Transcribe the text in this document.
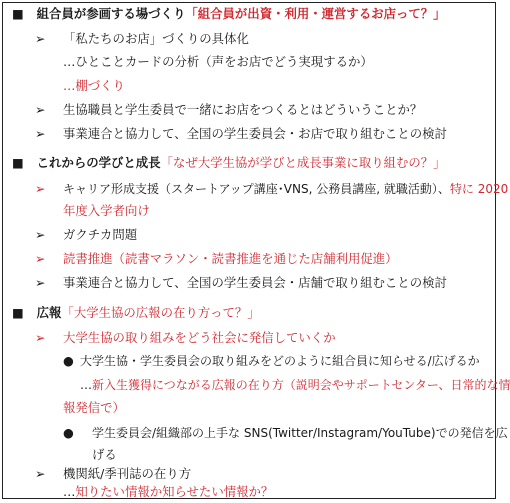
■ 組合員が参画する場づくり「組合員が出資・利用・運営するお店って？」
➢ 「私たちのお店」づくりの具体化
…ひとことカードの分析（声をお店でどう実現するか）
…棚づくり
➢ 生協職員と学生委員で一緒にお店をつくるとはどういうことか？
➢ 事業連合と協力して、全国の学生委員会・お店で取り組むことの検討
■ これからの学びと成長「なぜ大学生協が学びと成長事業に取り組むの？」
➢ キャリア形成支援（スタートアップ講座･VNS, 公務員講座, 就職活動）、特に 2020
年度入学者向け
➢ ガクチカ問題
➢ 読書推進（読書マラソン・読書推進を通じた店舗利用促進）
➢ 事業連合と協力して、全国の学生委員会・店舗で取り組むことの検討
■ 広報「大学生協の広報の在り方って？」
➢ 大学生協の取り組みをどう社会に発信していくか
● 大学生協・学生委員会の取り組みをどのように組合員に知らせる/広げるか
…新入生獲得につながる広報の在り方（説明会やサポートセンター、日常的な情
報発信で）
● 学生委員会/組織部の上手な SNS(Twitter/Instagram/YouTube)での発信を広
げる
➢ 機関紙/季刊誌の在り方
…知りたい情報か知らせたい情報か？
